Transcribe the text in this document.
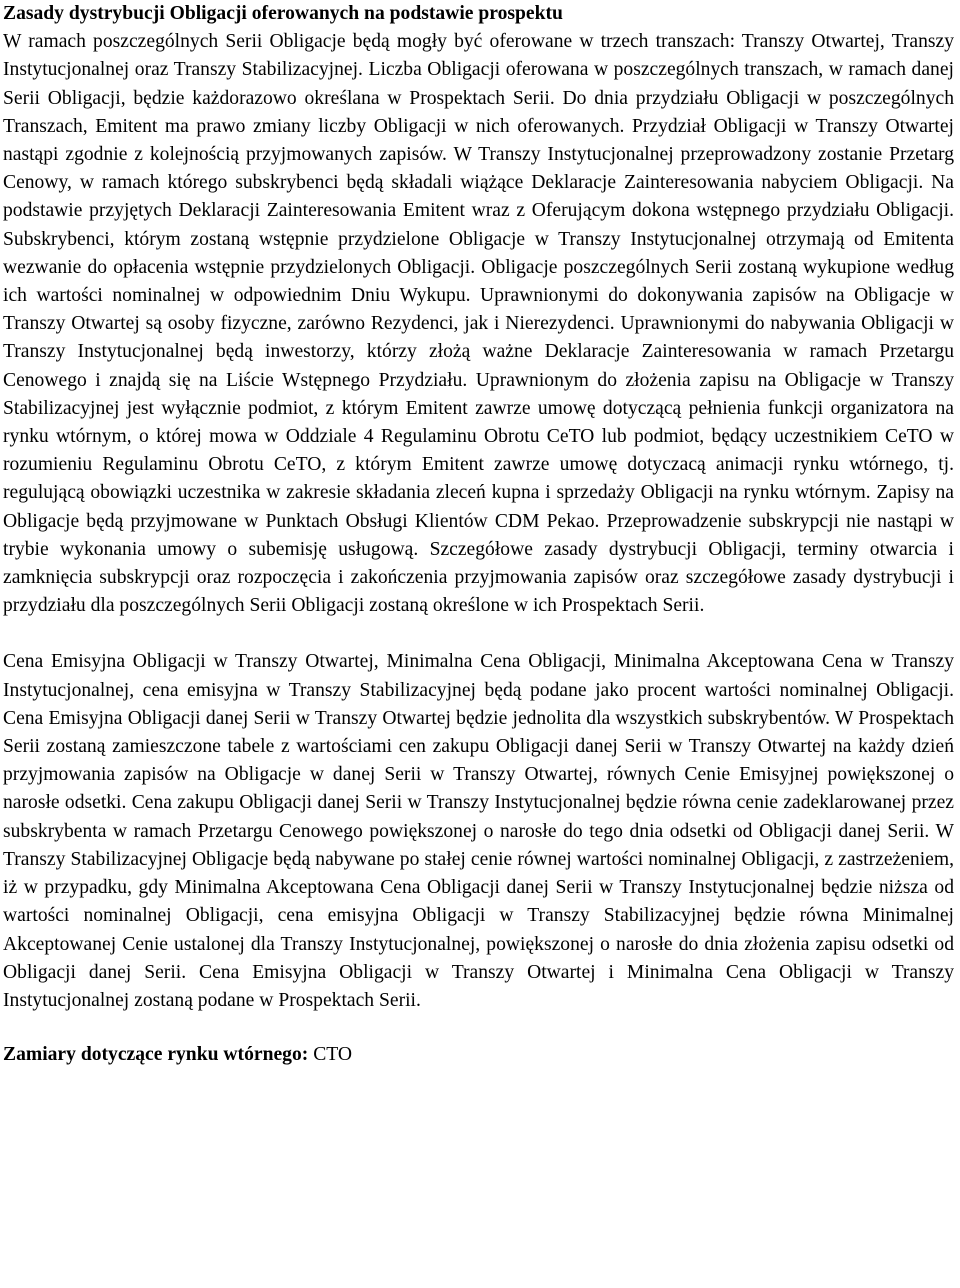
Zasady dystrybucji Obligacji oferowanych na podstawie prospektu

W ramach poszczególnych Serii Obligacje będą mogły być oferowane w trzech transzach: Transzy Otwartej, Transzy Instytucjonalnej oraz Transzy Stabilizacyjnej. Liczba Obligacji oferowana w poszczególnych transzach, w ramach danej Serii Obligacji, będzie każdorazowo określana w Prospektach Serii. Do dnia przydziału Obligacji w poszczególnych Transzach, Emitent ma prawo zmiany liczby Obligacji w nich oferowanych. Przydział Obligacji w Transzy Otwartej nastąpi zgodnie z kolejnością przyjmowanych zapisów. W Transzy Instytucjonalnej przeprowadzony zostanie Przetarg Cenowy, w ramach którego subskrybenci będą składali wiążące Deklaracje Zainteresowania nabyciem Obligacji. Na podstawie przyjętych Deklaracji Zainteresowania Emitent wraz z Oferującym dokona wstępnego przydziału Obligacji. Subskrybenci, którym zostaną wstępnie przydzielone Obligacje w Transzy Instytucjonalnej otrzymają od Emitenta wezwanie do opłacenia wstępnie przydzielonych Obligacji. Obligacje poszczególnych Serii zostaną wykupione według ich wartości nominalnej w odpowiednim Dniu Wykupu. Uprawnionymi do dokonywania zapisów na Obligacje w Transzy Otwartej są osoby fizyczne, zarówno Rezydenci, jak i Nierezydenci. Uprawnionymi do nabywania Obligacji w Transzy Instytucjonalnej będą inwestorzy, którzy złożą ważne Deklaracje Zainteresowania w ramach Przetargu Cenowego i znajdą się na Liście Wstępnego Przydziału. Uprawnionym do złożenia zapisu na Obligacje w Transzy Stabilizacyjnej jest wyłącznie podmiot, z którym Emitent zawrze umowę dotyczącą pełnienia funkcji organizatora na rynku wtórnym, o której mowa w Oddziale 4 Regulaminu Obrotu CeTO lub podmiot, będący uczestnikiem CeTO w rozumieniu Regulaminu Obrotu CeTO, z którym Emitent zawrze umowę dotyczacą animacji rynku wtórnego, tj. regulującą obowiązki uczestnika w zakresie składania zleceń kupna i sprzedaży Obligacji na rynku wtórnym. Zapisy na Obligacje będą przyjmowane w Punktach Obsługi Klientów CDM Pekao. Przeprowadzenie subskrypcji nie nastąpi w trybie wykonania umowy o subemisję usługową. Szczegółowe zasady dystrybucji Obligacji, terminy otwarcia i zamknięcia subskrypcji oraz rozpoczęcia i zakończenia przyjmowania zapisów oraz szczegółowe zasady dystrybucji i przydziału dla poszczególnych Serii Obligacji zostaną określone w ich Prospektach Serii.

Cena Emisyjna Obligacji w Transzy Otwartej, Minimalna Cena Obligacji, Minimalna Akceptowana Cena w Transzy Instytucjonalnej, cena emisyjna w Transzy Stabilizacyjnej będą podane jako procent wartości nominalnej Obligacji. Cena Emisyjna Obligacji danej Serii w Transzy Otwartej będzie jednolita dla wszystkich subskrybentów. W Prospektach Serii zostaną zamieszczone tabele z wartościami cen zakupu Obligacji danej Serii w Transzy Otwartej na każdy dzień przyjmowania zapisów na Obligacje w danej Serii w Transzy Otwartej, równych Cenie Emisyjnej powiększonej o narosłe odsetki. Cena zakupu Obligacji danej Serii w Transzy Instytucjonalnej będzie równa cenie zadeklarowanej przez subskrybenta w ramach Przetargu Cenowego powiększonej o narosłe do tego dnia odsetki od Obligacji danej Serii. W Transzy Stabilizacyjnej Obligacje będą nabywane po stałej cenie równej wartości nominalnej Obligacji, z zastrzeżeniem, iż w przypadku, gdy Minimalna Akceptowana Cena Obligacji danej Serii w Transzy Instytucjonalnej będzie niższa od wartości nominalnej Obligacji, cena emisyjna Obligacji w Transzy Stabilizacyjnej będzie równa Minimalnej Akceptowanej Cenie ustalonej dla Transzy Instytucjonalnej, powiększonej o narosłe do dnia złożenia zapisu odsetki od Obligacji danej Serii. Cena Emisyjna Obligacji w Transzy Otwartej i Minimalna Cena Obligacji w Transzy Instytucjonalnej zostaną podane w Prospektach Serii.

Zamiary dotyczące rynku wtórnego: CTO
